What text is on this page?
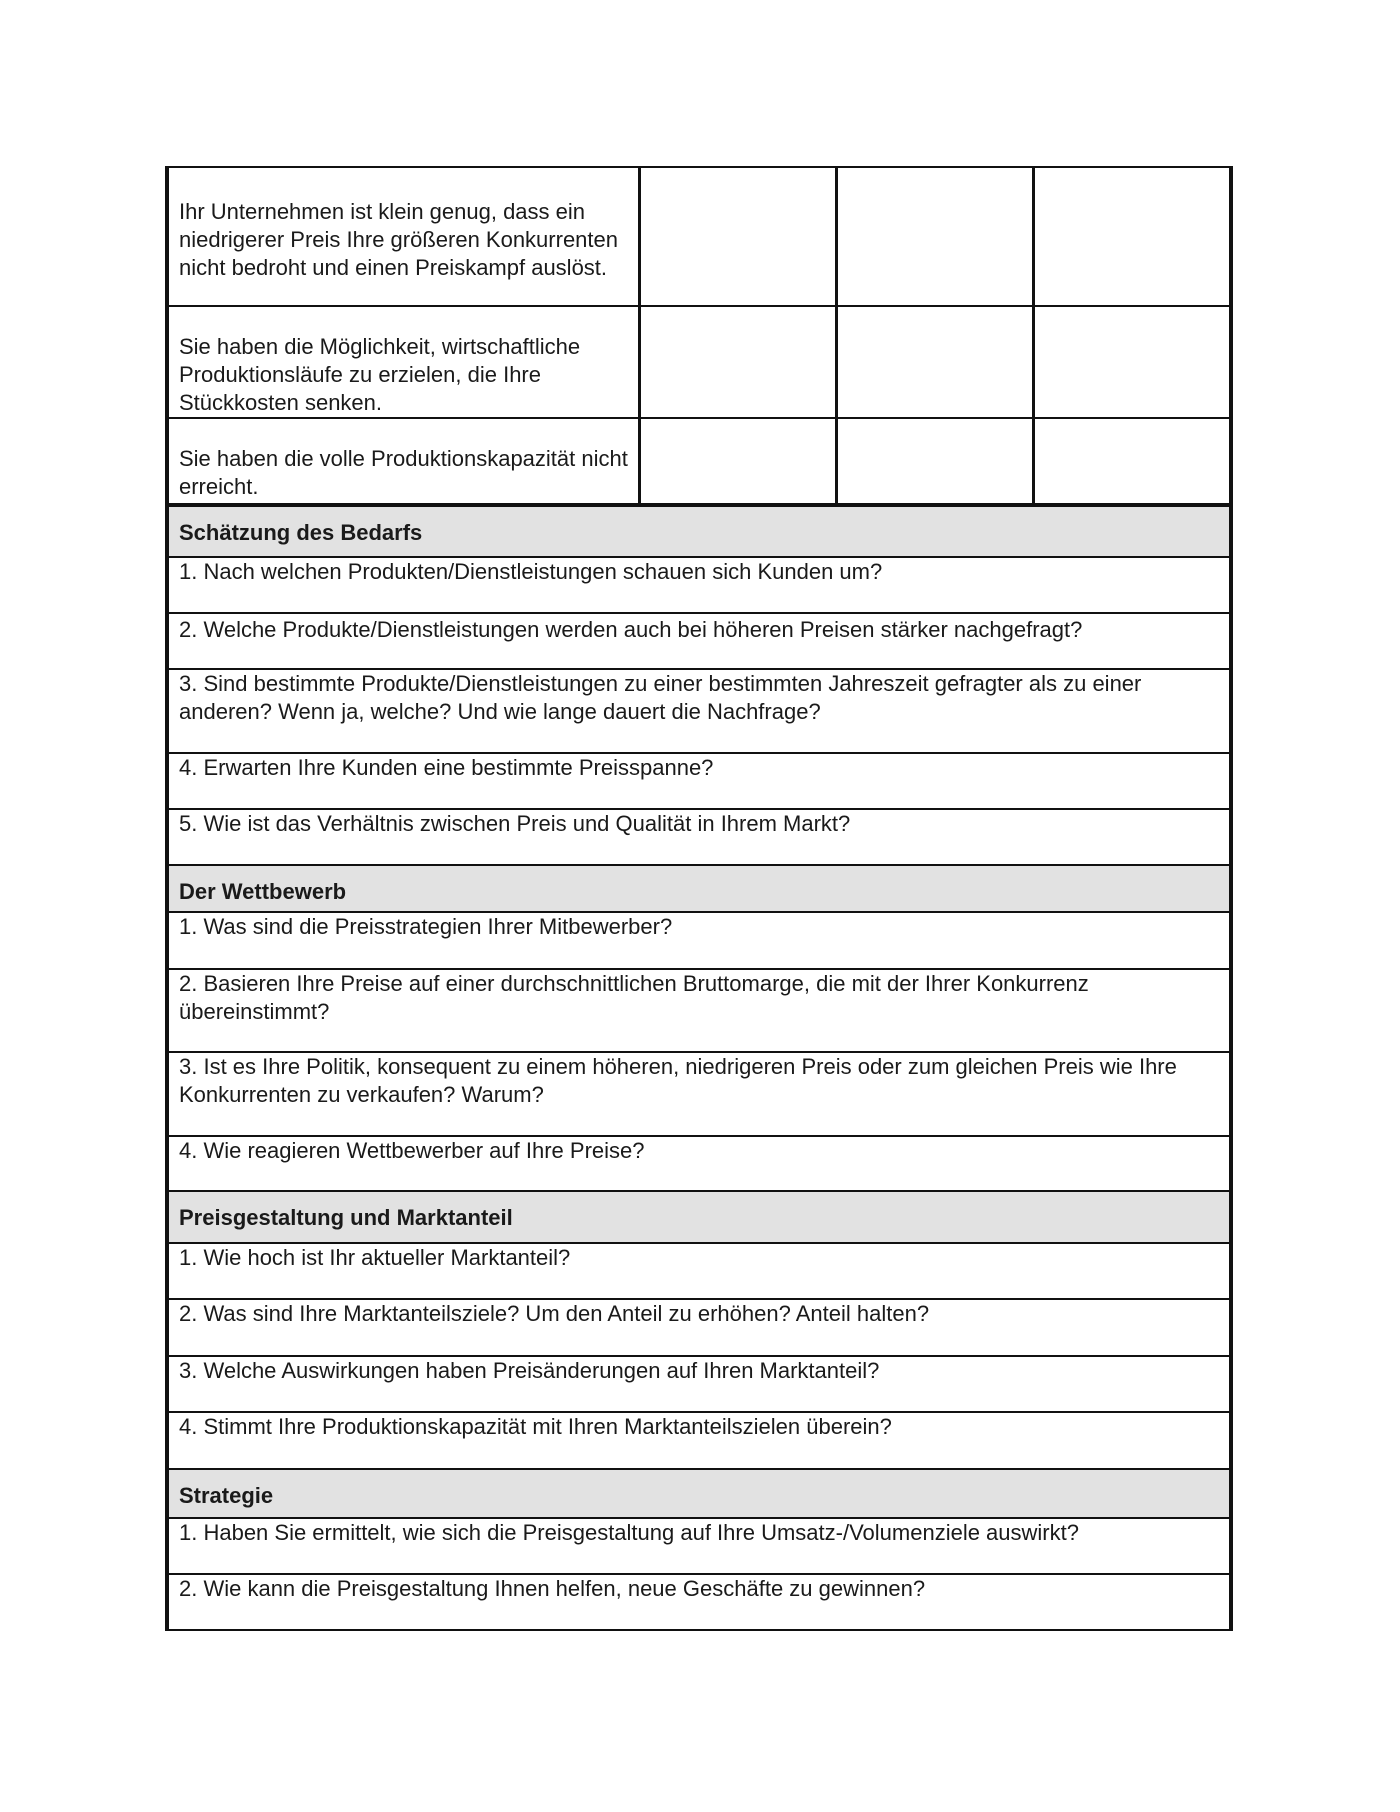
Ihr Unternehmen ist klein genug, dass ein niedrigerer Preis Ihre größeren Konkurrenten nicht bedroht und einen Preiskampf auslöst.
Sie haben die Möglichkeit, wirtschaftliche Produktionsläufe zu erzielen, die Ihre Stückkosten senken.
Sie haben die volle Produktionskapazität nicht erreicht.
Schätzung des Bedarfs
1. Nach welchen Produkten/Dienstleistungen schauen sich Kunden um?
2. Welche Produkte/Dienstleistungen werden auch bei höheren Preisen stärker nachgefragt?
3. Sind bestimmte Produkte/Dienstleistungen zu einer bestimmten Jahreszeit gefragter als zu einer anderen? Wenn ja, welche? Und wie lange dauert die Nachfrage?
4. Erwarten Ihre Kunden eine bestimmte Preisspanne?
5. Wie ist das Verhältnis zwischen Preis und Qualität in Ihrem Markt?
Der Wettbewerb
1. Was sind die Preisstrategien Ihrer Mitbewerber?
2. Basieren Ihre Preise auf einer durchschnittlichen Bruttomarge, die mit der Ihrer Konkurrenz übereinstimmt?
3. Ist es Ihre Politik, konsequent zu einem höheren, niedrigeren Preis oder zum gleichen Preis wie Ihre Konkurrenten zu verkaufen? Warum?
4. Wie reagieren Wettbewerber auf Ihre Preise?
Preisgestaltung und Marktanteil
1. Wie hoch ist Ihr aktueller Marktanteil?
2. Was sind Ihre Marktanteilsziele? Um den Anteil zu erhöhen? Anteil halten?
3. Welche Auswirkungen haben Preisänderungen auf Ihren Marktanteil?
4. Stimmt Ihre Produktionskapazität mit Ihren Marktanteilszielen überein?
Strategie
1. Haben Sie ermittelt, wie sich die Preisgestaltung auf Ihre Umsatz-/Volumenziele auswirkt?
2. Wie kann die Preisgestaltung Ihnen helfen, neue Geschäfte zu gewinnen?
